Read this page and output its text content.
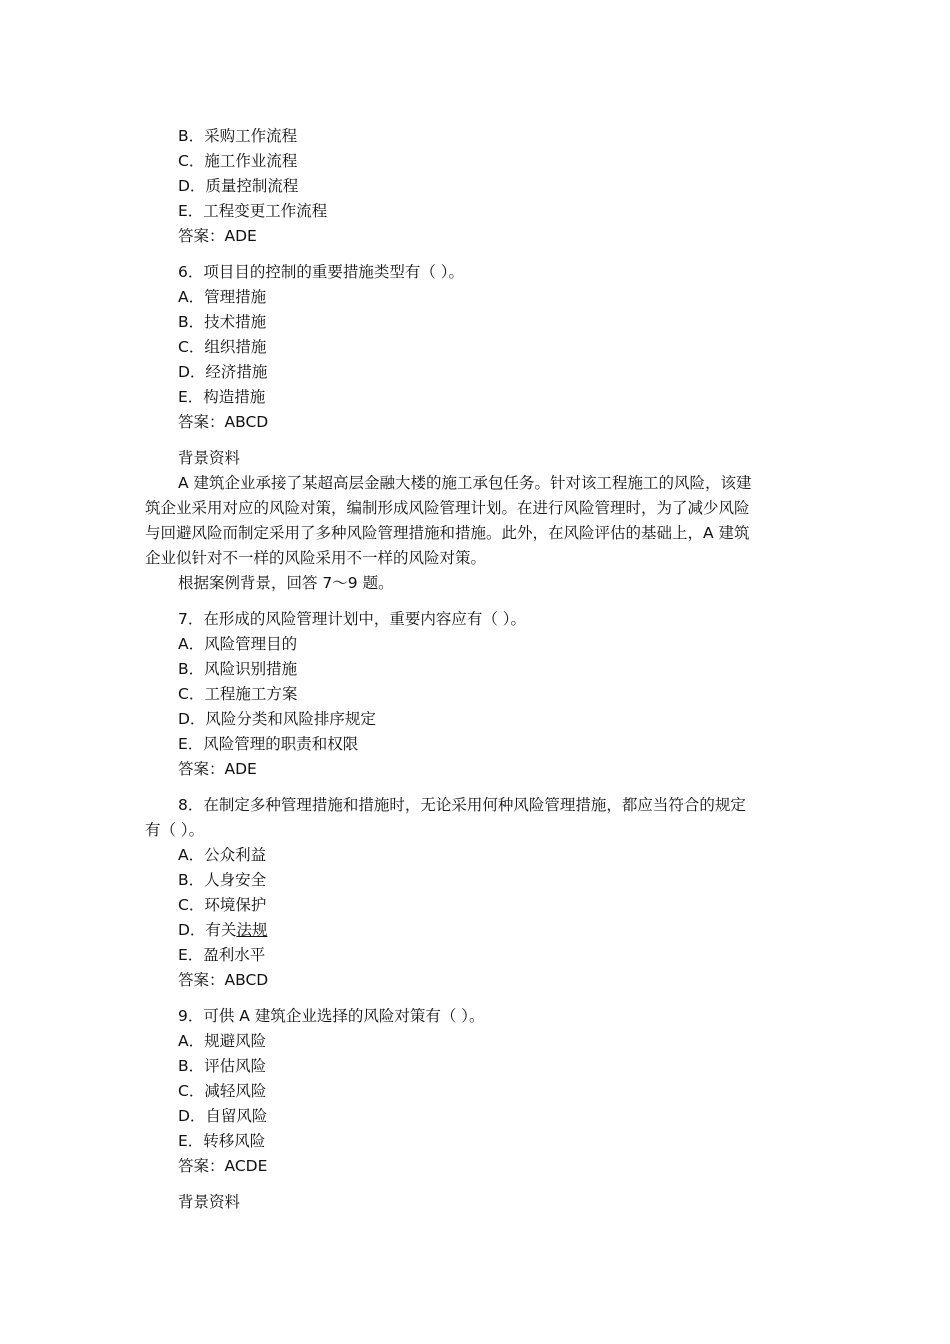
B．采购工作流程
C．施工作业流程
D．质量控制流程
E．工程变更工作流程
答案：ADE
6．项目目的控制的重要措施类型有（ ）。
A．管理措施
B．技术措施
C．组织措施
D．经济措施
E．构造措施
答案：ABCD
背景资料
A 建筑企业承接了某超高层金融大楼的施工承包任务。针对该工程施工的风险，该建
筑企业采用对应的风险对策，编制形成风险管理计划。在进行风险管理时，为了减少风险
与回避风险而制定采用了多种风险管理措施和措施。此外，在风险评估的基础上，A 建筑
企业似针对不一样的风险采用不一样的风险对策。
根据案例背景，回答 7～9 题。
7．在形成的风险管理计划中，重要内容应有（ ）。
A．风险管理目的
B．风险识别措施
C．工程施工方案
D．风险分类和风险排序规定
E．风险管理的职责和权限
答案：ADE
8．在制定多种管理措施和措施时，无论采用何种风险管理措施，都应当符合的规定
有（ ）。
A．公众利益
B．人身安全
C．环境保护
D．有关法规
E．盈利水平
答案：ABCD
9．可供 A 建筑企业选择的风险对策有（ ）。
A．规避风险
B．评估风险
C．减轻风险
D．自留风险
E．转移风险
答案：ACDE
背景资料
